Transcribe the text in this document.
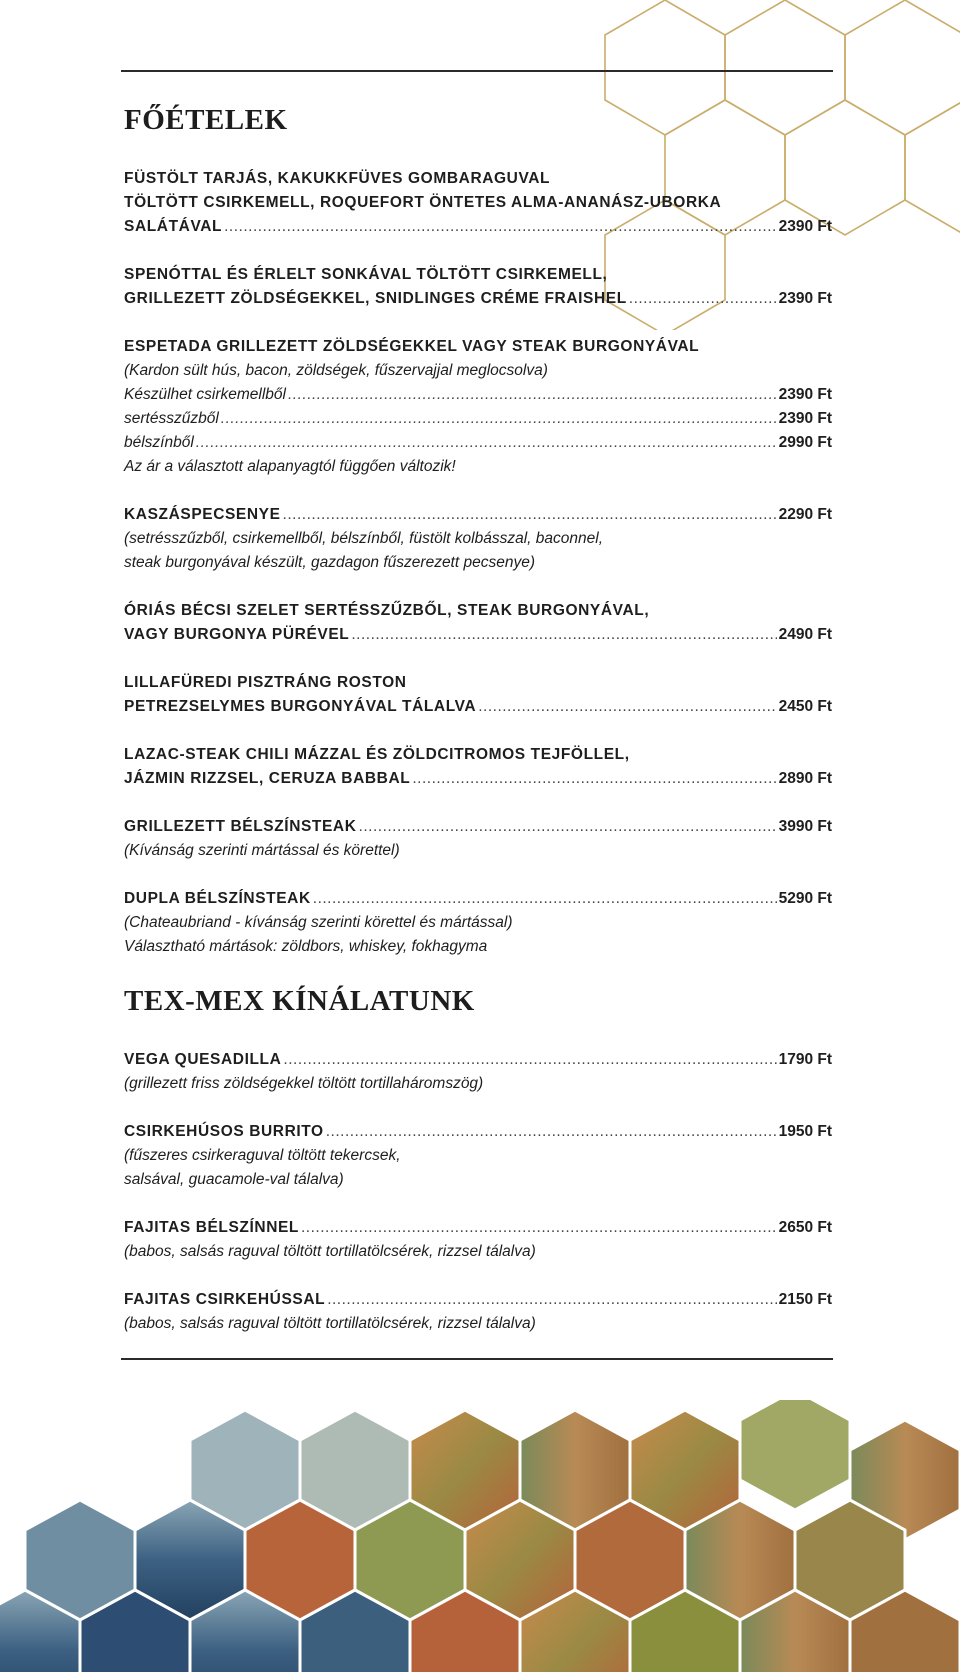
FŐÉTELEK
FÜSTÖLT TARJÁS, KAKUKKFÜVES GOMBARAGUVAL
TÖLTÖTT CSIRKEMELL, ROQUEFORT ÖNTETES ALMA-ANANÁSZ-UBORKA
SALÁTÁVAL .....	2390 Ft
SPENÓTTAL ÉS ÉRLELT SONKÁVAL TÖLTÖTT CSIRKEMELL,
GRILLEZETT ZÖLDSÉGEKKEL, SNIDLINGES CRÉME FRAISHEL .....	2390 Ft
ESPETADA GRILLEZETT ZÖLDSÉGEKKEL VAGY STEAK BURGONYÁVAL
(Kardon sült hús, bacon, zöldségek, fűszervajjal meglocsolva)
Készülhet csirkemellből .....	2390 Ft
sertésszűzből .....	2390 Ft
bélszínből .....	2990 Ft
Az ár a választott alapanyagtól függően változik!
KASZÁSPECSENYE .....	2290 Ft
(setrésszűzből, csirkemellből, bélszínből, füstölt kolbásszal, baconnel,
steak burgonyával készült, gazdagon fűszerezett pecsenye)
ÓRIÁS BÉCSI SZELET SERTÉSSZŰZBŐL, STEAK BURGONYÁVAL,
VAGY BURGONYA PÜRÉVEL .....	2490 Ft
LILLAFÜREDI PISZTRÁNG ROSTON
PETREZSELYMES BURGONYÁVAL TÁLALVA .....	2450 Ft
LAZAC-STEAK CHILI MÁZZAL ÉS ZÖLDCITROMOS TEJFÖLLEL,
JÁZMIN RIZZSEL, CERUZA BABBAL .....	2890 Ft
GRILLEZETT BÉLSZÍNSTEAK .....	3990 Ft
(Kívánság szerinti mártással és körettel)
DUPLA BÉLSZÍNSTEAK .....	5290 Ft
(Chateaubriand - kívánság szerinti körettel és mártással)
Választható mártások: zöldbors, whiskey, fokhagyma
TEX-MEX KÍNÁLATUNK
VEGA QUESADILLA .....	1790 Ft
(grillezett friss zöldségekkel töltött tortillaháromszög)
CSIRKEHÚSOS BURRITO .....	1950 Ft
(fűszeres csirkeraguval töltött tekercsek,
salsával, guacamole-val tálalva)
FAJITAS BÉLSZÍNNEL .....	2650 Ft
(babos, salsás raguval töltött tortillatölcsérek, rizzsel tálalva)
FAJITAS CSIRKEHÚSSAL .....	2150 Ft
(babos, salsás raguval töltött tortillatölcsérek, rizzsel tálalva)
